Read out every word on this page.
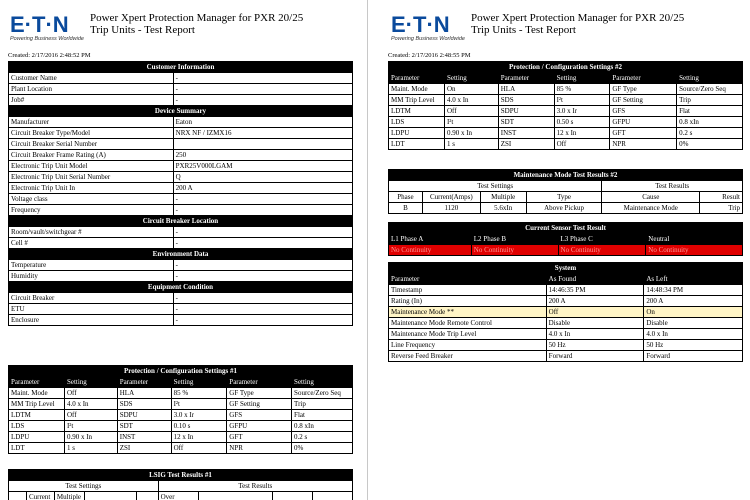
E·T·N
Powering Business Worldwide
Power Xpert Protection Manager for PXR 20/25
Trip Units - Test Report
Created: 2/17/2016 2:48:52 PM
Customer Information	
Customer Name	-
Plant Location	-
Job#	-
Device Summary	
Manufacturer	Eaton
Circuit Breaker Type/Model	NRX NF / IZMX16
Circuit Breaker Serial Number	
Circuit Breaker Frame Rating (A)	250
Electronic Trip Unit Model	PXR25V000LGAM
Electronic Trip Unit Serial Number	Q
Electronic Trip Unit In	200 A
Voltage class	-
Frequency	-
Circuit Breaker Location	
Room/vault/switchgear #	-
Cell #	-
Environment Data	
Temperature	-
Humidity	-
Equipment Condition	
Circuit Breaker	-
ETU	-
Enclosure	-
Protection / Configuration Settings #1					
Parameter	Setting	Parameter	Setting	Parameter	Setting
Maint. Mode	Off	HLA	85 %	GF Type	Source/Zero Seq
MM Trip Level	4.0 x In	SDS	I²t	GF Setting	Trip
LDTM	Off	SDPU	3.0 x Ir	GFS	Flat
LDS	I²t	SDT	0.10 s	GFPU	0.8 xIn
LDPU	0.90 x In	INST	12 x In	GFT	0.2 s
LDT	1 s	ZSI	Off	NPR	0%
LSIG Test Results #1								
Test Settings					Test Results			
	Current	Multiple			Over			
E·T·N
Powering Business Worldwide
Power Xpert Protection Manager for PXR 20/25
Trip Units - Test Report
Created: 2/17/2016 2:48:55 PM
Protection / Configuration Settings #2					
Parameter	Setting	Parameter	Setting	Parameter	Setting
Maint. Mode	On	HLA	85 %	GF Type	Source/Zero Seq
MM Trip Level	4.0 x In	SDS	I²t	GF Setting	Trip
LDTM	Off	SDPU	3.0 x Ir	GFS	Flat
LDS	I²t	SDT	0.50 s	GFPU	0.8 xIn
LDPU	0.90 x In	INST	12 x In	GFT	0.2 s
LDT	1 s	ZSI	Off	NPR	0%
Maintenance Mode Test Results #2					
Test Settings				Test Results	
Phase	Current(Amps)	Multiple	Type	Cause	Result
B	1120	5.6xIn	Above Pickup	Maintenance Mode	Trip
Current Sensor Test Result			
L1 Phase A	L2 Phase B	L3 Phase C	Neutral
No Continuity	No Continuity	No Continuity	No Continuity
System		
Parameter	As Found	As Left
Timestamp	14:46:35 PM	14:48:34 PM
Rating (In)	200 A	200 A
Maintenance Mode **	Off	On
Maintenance Mode Remote Control	Disable	Disable
Maintenance Mode Trip Level	4.0 x In	4.0 x In
Line Frequency	50 Hz	50 Hz
Reverse Feed Breaker	Forward	Forward
